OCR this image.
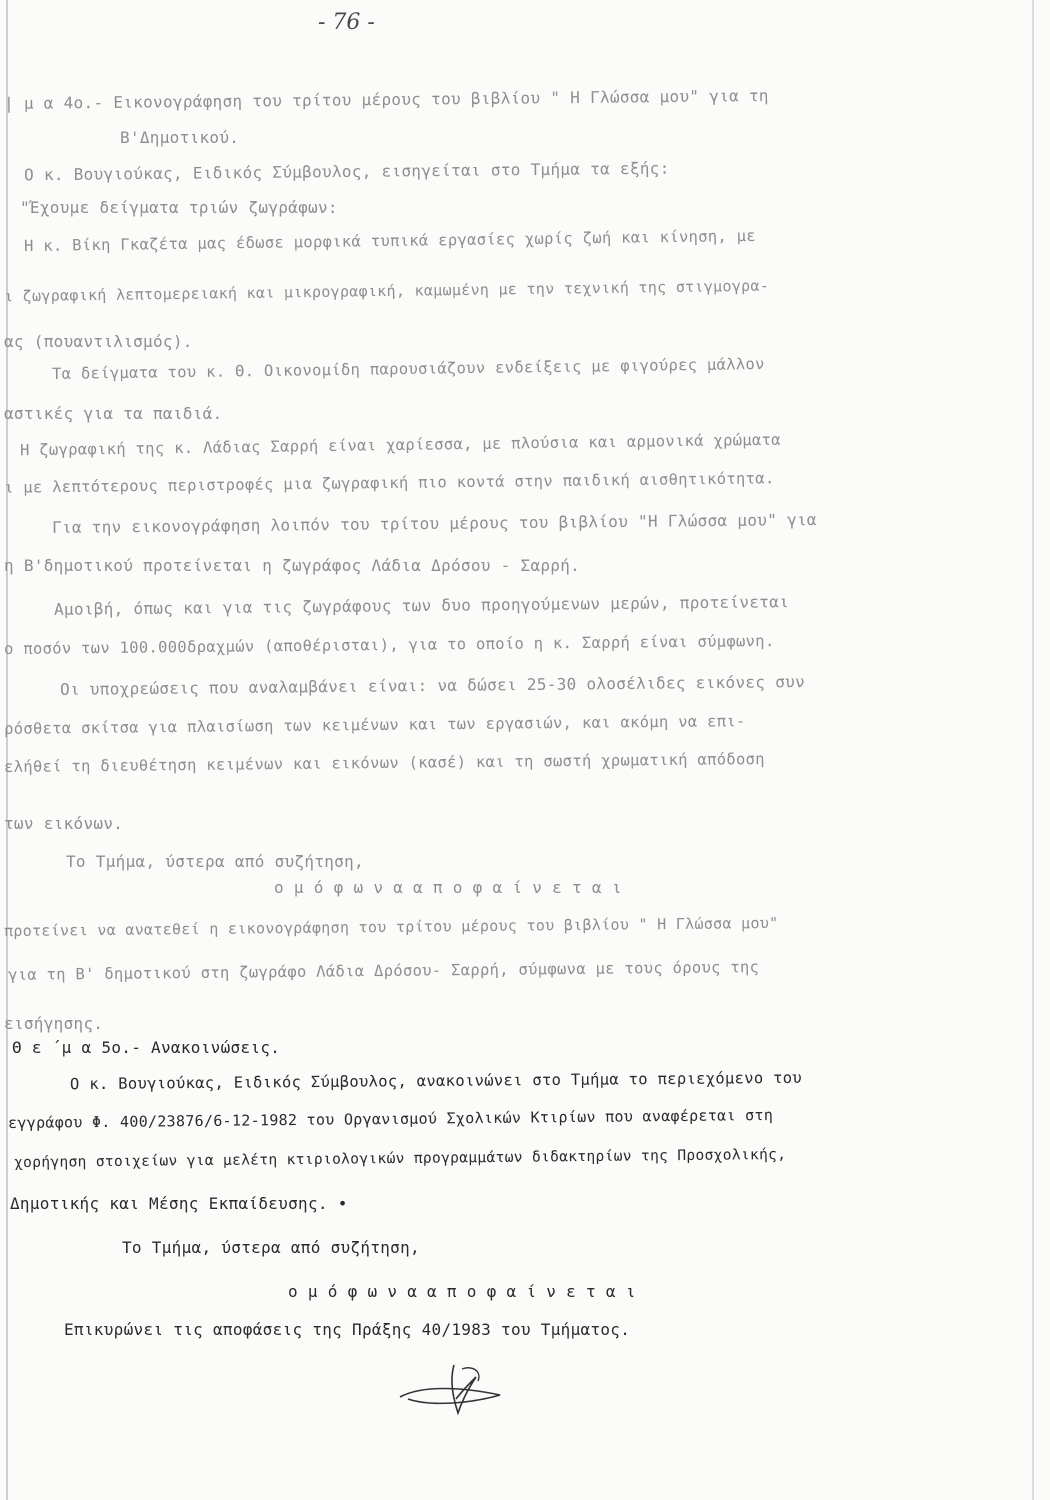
- 76 -
| μ α 4ο.- Εικονογράφηση του τρίτου μέρους του βιβλίου " Η Γλώσσα μου" για τη
Β'Δημοτικού.
Ο κ. Βουγιούκας, Ειδικός Σύμβουλος, εισηγείται στο Τμήμα τα εξής:
"Έχουμε δείγματα τριών ζωγράφων:
Η κ. Βίκη Γκαζέτα μας έδωσε μορφικά τυπικά εργασίες χωρίς ζωή και κίνηση, με
ι ζωγραφική λεπτομερειακή και μικρογραφική, καμωμένη με την τεχνική της στιγμογρα-
ας (πουαντιλισμός).
Τα δείγματα του κ. Θ. Οικονομίδη παρουσιάζουν ενδείξεις με φιγούρες μάλλον
αστικές για τα παιδιά.
Η ζωγραφική της κ. Λάδιας Σαρρή είναι χαρίεσσα, με πλούσια και αρμονικά χρώματα
ι με λεπτότερους περιστροφές μια ζωγραφική πιο κοντά στην παιδική αισθητικότητα.
Για την εικονογράφηση λοιπόν του τρίτου μέρους του βιβλίου "Η Γλώσσα μου" για
η Β'δημοτικού προτείνεται η ζωγράφος Λάδια Δρόσου - Σαρρή.
Αμοιβή, όπως και για τις ζωγράφους των δυο προηγούμενων μερών, προτείνεται
ο ποσόν των 100.000δραχμών (αποθέρισται), για το οποίο η κ. Σαρρή είναι σύμφωνη.
Οι υποχρεώσεις που αναλαμβάνει είναι: να δώσει 25-30 ολοσέλιδες εικόνες συν
ρόσθετα σκίτσα για πλαισίωση των κειμένων και των εργασιών, και ακόμη να επι-
ελήθεί τη διευθέτηση κειμένων και εικόνων (κασέ) και τη σωστή χρωματική απόδοση
των εικόνων.
Το Τμήμα, ύστερα από συζήτηση,
ο μ ό φ ω ν α α π ο φ α ί ν ε τ α ι
προτείνει να ανατεθεί η εικονογράφηση του τρίτου μέρους του βιβλίου " Η Γλώσσα μου"
για τη Β' δημοτικού στη ζωγράφο Λάδια Δρόσου- Σαρρή, σύμφωνα με τους όρους της
εισήγησης.
Θ ε ΄μ α 5ο.- Ανακοινώσεις.
Ο κ. Βουγιούκας, Ειδικός Σύμβουλος, ανακοινώνει στο Τμήμα το περιεχόμενο του
εγγράφου Φ. 400/23876/6-12-1982 του Οργανισμού Σχολικών Κτιρίων που αναφέρεται στη
χορήγηση στοιχείων για μελέτη κτιριολογικών προγραμμάτων διδακτηρίων της Προσχολικής,
Δημοτικής και Μέσης Εκπαίδευσης. •
Το Τμήμα, ύστερα από συζήτηση,
ο μ ό φ ω ν α α π ο φ α ί ν ε τ α ι
Επικυρώνει τις αποφάσεις της Πράξης 40/1983 του Τμήματος.
